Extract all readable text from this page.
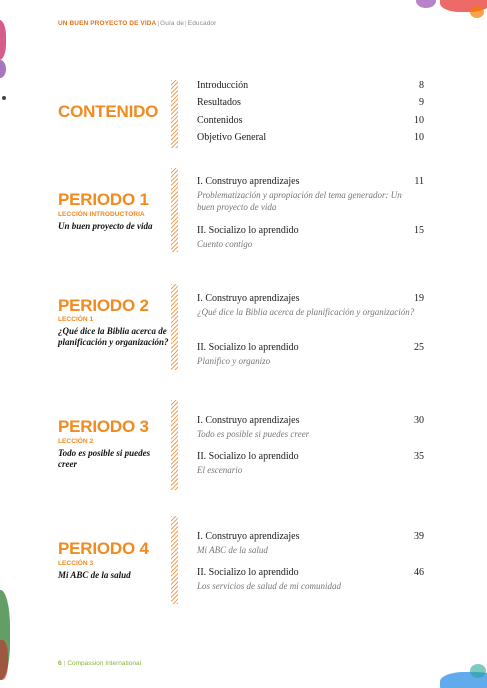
UN BUEN PROYECTO DE VIDA|Guía de|Educador
CONTENIDO
Introducción	8
Resultados	9
Contenidos	10
Objetivo General	10
PERIODO 1
LECCIÓN INTRODUCTORIA
Un buen proyecto de vida
I. Construyo aprendizajes	11
Problematización y apropiación del tema generador: Un buen proyecto de vida
II. Socializo lo aprendido	15
Cuento contigo
PERIODO 2
LECCIÓN 1
¿Qué dice la Biblia acerca de planificación y organización?
I. Construyo aprendizajes	19
¿Qué dice la Biblia acerca de planificación y organización?
II. Socializo lo aprendido	25
Planifico y organizo
PERIODO 3
LECCIÓN 2
Todo es posible si puedes creer
I. Construyo aprendizajes	30
Todo es posible si puedes creer
II. Socializo lo aprendido	35
El escenario
PERIODO 4
LECCIÓN 3
Mi ABC de la salud
I. Construyo aprendizajes	39
Mi ABC de la salud
II. Socializo lo aprendido	46
Los servicios de salud de mi comunidad
6 | Compassion International
